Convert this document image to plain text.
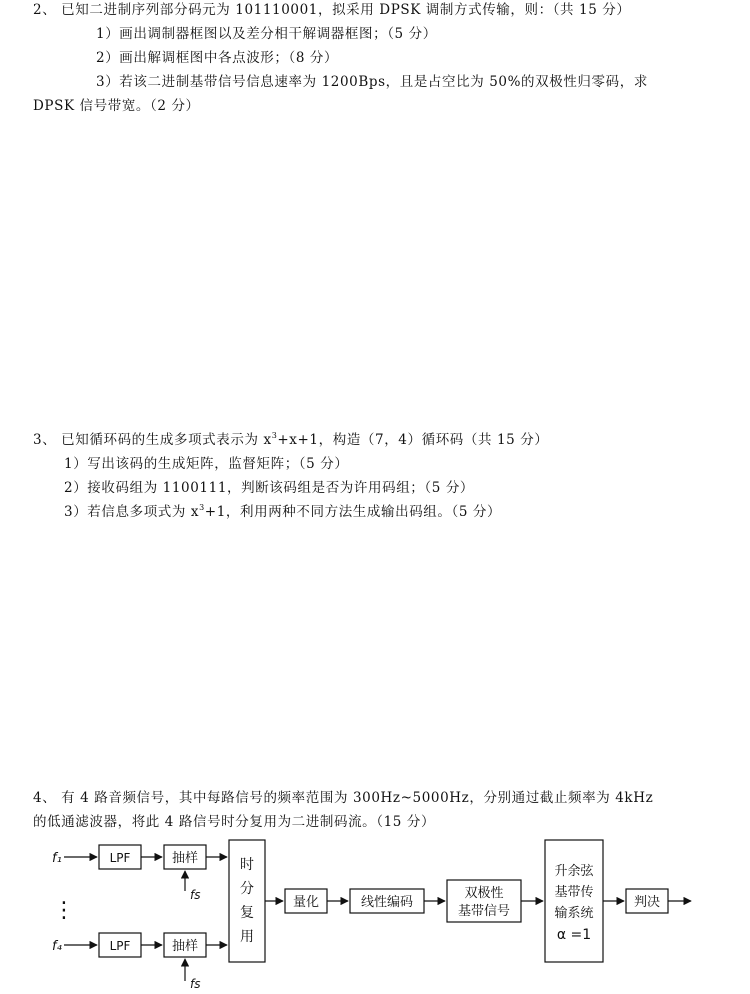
2、 已知二进制序列部分码元为 101110001，拟采用 DPSK 调制方式传输，则：（共 15 分）
1）画出调制器框图以及差分相干解调器框图；（5 分）
2）画出解调框图中各点波形；（8 分）
3）若该二进制基带信号信息速率为 1200Bps，且是占空比为 50%的双极性归零码，求
DPSK 信号带宽。（2 分）
3、 已知循环码的生成多项式表示为 $x^3+x+1$，构造（7，4）循环码（共 15 分）
1）写出该码的生成矩阵，监督矩阵；（5 分）
2）接收码组为 1100111，判断该码组是否为许用码组；（5 分）
3）若信息多项式为 $x^3+1$，利用两种不同方法生成输出码组。（5 分）
4、 有 4 路音频信号，其中每路信号的频率范围为 300Hz~5000Hz，分别通过截止频率为 4kHz
的低通滤波器，将此 4 路信号时分复用为二进制码流。（15 分）
f₁
f₄
⋮
LPF
LPF
抽样
抽样
fs
fs
时
分
复
用
量化	线性编码
双极性
基带信号
升余弦
基带传
输系统
α =1
判决
